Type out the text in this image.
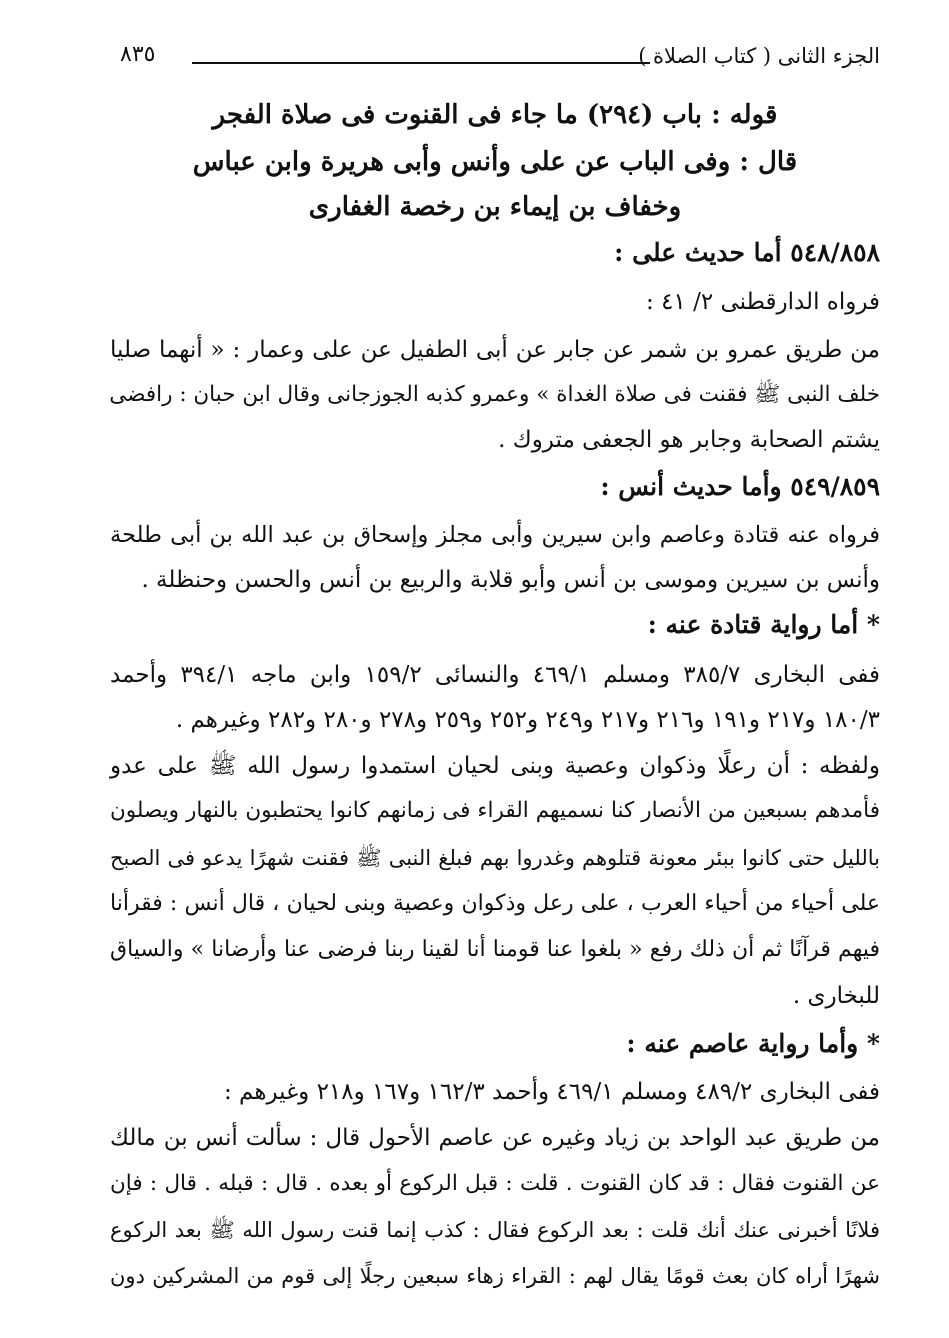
الجزء الثانى ( كتاب الصلاة )
٨٣٥
قوله : باب (٢٩٤) ما جاء فى القنوت فى صلاة الفجر
قال : وفى الباب عن على وأنس وأبى هريرة وابن عباس
وخفاف بن إيماء بن رخصة الغفارى
٥٤٨/٨٥٨ أما حديث على :
فرواه الدارقطنى ٢/ ٤١ :
من طريق عمرو بن شمر عن جابر عن أبى الطفيل عن على وعمار : « أنهما صليا
خلف النبى ﷺ فقنت فى صلاة الغداة » وعمرو كذبه الجوزجانى وقال ابن حبان : رافضى
يشتم الصحابة وجابر هو الجعفى متروك .
٥٤٩/٨٥٩ وأما حديث أنس :
فرواه عنه قتادة وعاصم وابن سيرين وأبى مجلز وإسحاق بن عبد الله بن أبى طلحة
وأنس بن سيرين وموسى بن أنس وأبو قلابة والربيع بن أنس والحسن وحنظلة .
* أما رواية قتادة عنه :
ففى البخارى ٣٨٥/٧ ومسلم ٤٦٩/١ والنسائى ١٥٩/٢ وابن ماجه ٣٩٤/١ وأحمد
١٨٠/٣ و٢١٧ و١٩١ و٢١٦ و٢١٧ و٢٤٩ و٢٥٢ و٢٥٩ و٢٧٨ و٢٨٠ و٢٨٢ وغيرهم .
ولفظه : أن رعلًا وذكوان وعصية وبنى لحيان استمدوا رسول الله ﷺ على عدو
فأمدهم بسبعين من الأنصار كنا نسميهم القراء فى زمانهم كانوا يحتطبون بالنهار ويصلون
بالليل حتى كانوا ببئر معونة قتلوهم وغدروا بهم فبلغ النبى ﷺ فقنت شهرًا يدعو فى الصبح
على أحياء من أحياء العرب ، على رعل وذكوان وعصية وبنى لحيان ، قال أنس : فقرأنا
فيهم قرآنًا ثم أن ذلك رفع « بلغوا عنا قومنا أنا لقينا ربنا فرضى عنا وأرضانا » والسياق
للبخارى .
* وأما رواية عاصم عنه :
ففى البخارى ٤٨٩/٢ ومسلم ٤٦٩/١ وأحمد ١٦٢/٣ و١٦٧ و٢١٨ وغيرهم :
من طريق عبد الواحد بن زياد وغيره عن عاصم الأحول قال : سألت أنس بن مالك
عن القنوت فقال : قد كان القنوت . قلت : قبل الركوع أو بعده . قال : قبله . قال : فإن
فلانًا أخبرنى عنك أنك قلت : بعد الركوع فقال : كذب إنما قنت رسول الله ﷺ بعد الركوع
شهرًا أراه كان بعث قومًا يقال لهم : القراء زهاء سبعين رجلًا إلى قوم من المشركين دون
